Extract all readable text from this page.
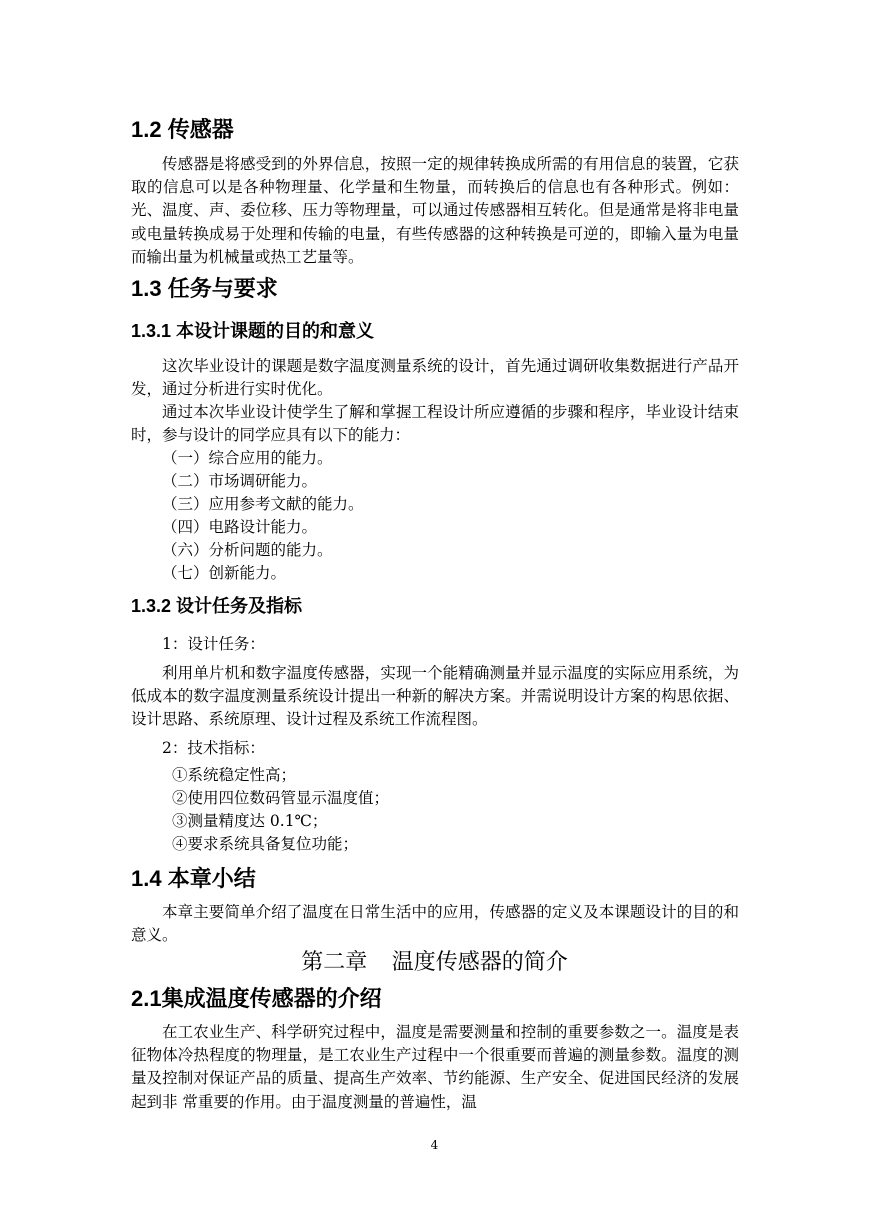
1.2 传感器
传感器是将感受到的外界信息，按照一定的规律转换成所需的有用信息的装置，它获取的信息可以是各种物理量、化学量和生物量，而转换后的信息也有各种形式。例如：光、温度、声、委位移、压力等物理量，可以通过传感器相互转化。但是通常是将非电量或电量转换成易于处理和传输的电量，有些传感器的这种转换是可逆的，即输入量为电量而输出量为机械量或热工艺量等。
1.3 任务与要求
1.3.1 本设计课题的目的和意义
这次毕业设计的课题是数字温度测量系统的设计，首先通过调研收集数据进行产品开发，通过分析进行实时优化。
通过本次毕业设计使学生了解和掌握工程设计所应遵循的步骤和程序，毕业设计结束时，参与设计的同学应具有以下的能力：
（一）综合应用的能力。
（二）市场调研能力。
（三）应用参考文献的能力。
（四）电路设计能力。
（六）分析问题的能力。
（七）创新能力。
1.3.2 设计任务及指标
1：设计任务：
利用单片机和数字温度传感器，实现一个能精确测量并显示温度的实际应用系统，为低成本的数字温度测量系统设计提出一种新的解决方案。并需说明设计方案的构思依据、设计思路、系统原理、设计过程及系统工作流程图。
2：技术指标：
①系统稳定性高；
②使用四位数码管显示温度值；
③测量精度达 0.1℃；
④要求系统具备复位功能；
1.4 本章小结
本章主要简单介绍了温度在日常生活中的应用，传感器的定义及本课题设计的目的和意义。
第二章    温度传感器的简介
2.1集成温度传感器的介绍
在工农业生产、科学研究过程中，温度是需要测量和控制的重要参数之一。温度是表征物体冷热程度的物理量，是工农业生产过程中一个很重要而普遍的测量参数。温度的测量及控制对保证产品的质量、提高生产效率、节约能源、生产安全、促进国民经济的发展起到非 常重要的作用。由于温度测量的普遍性，温
4
